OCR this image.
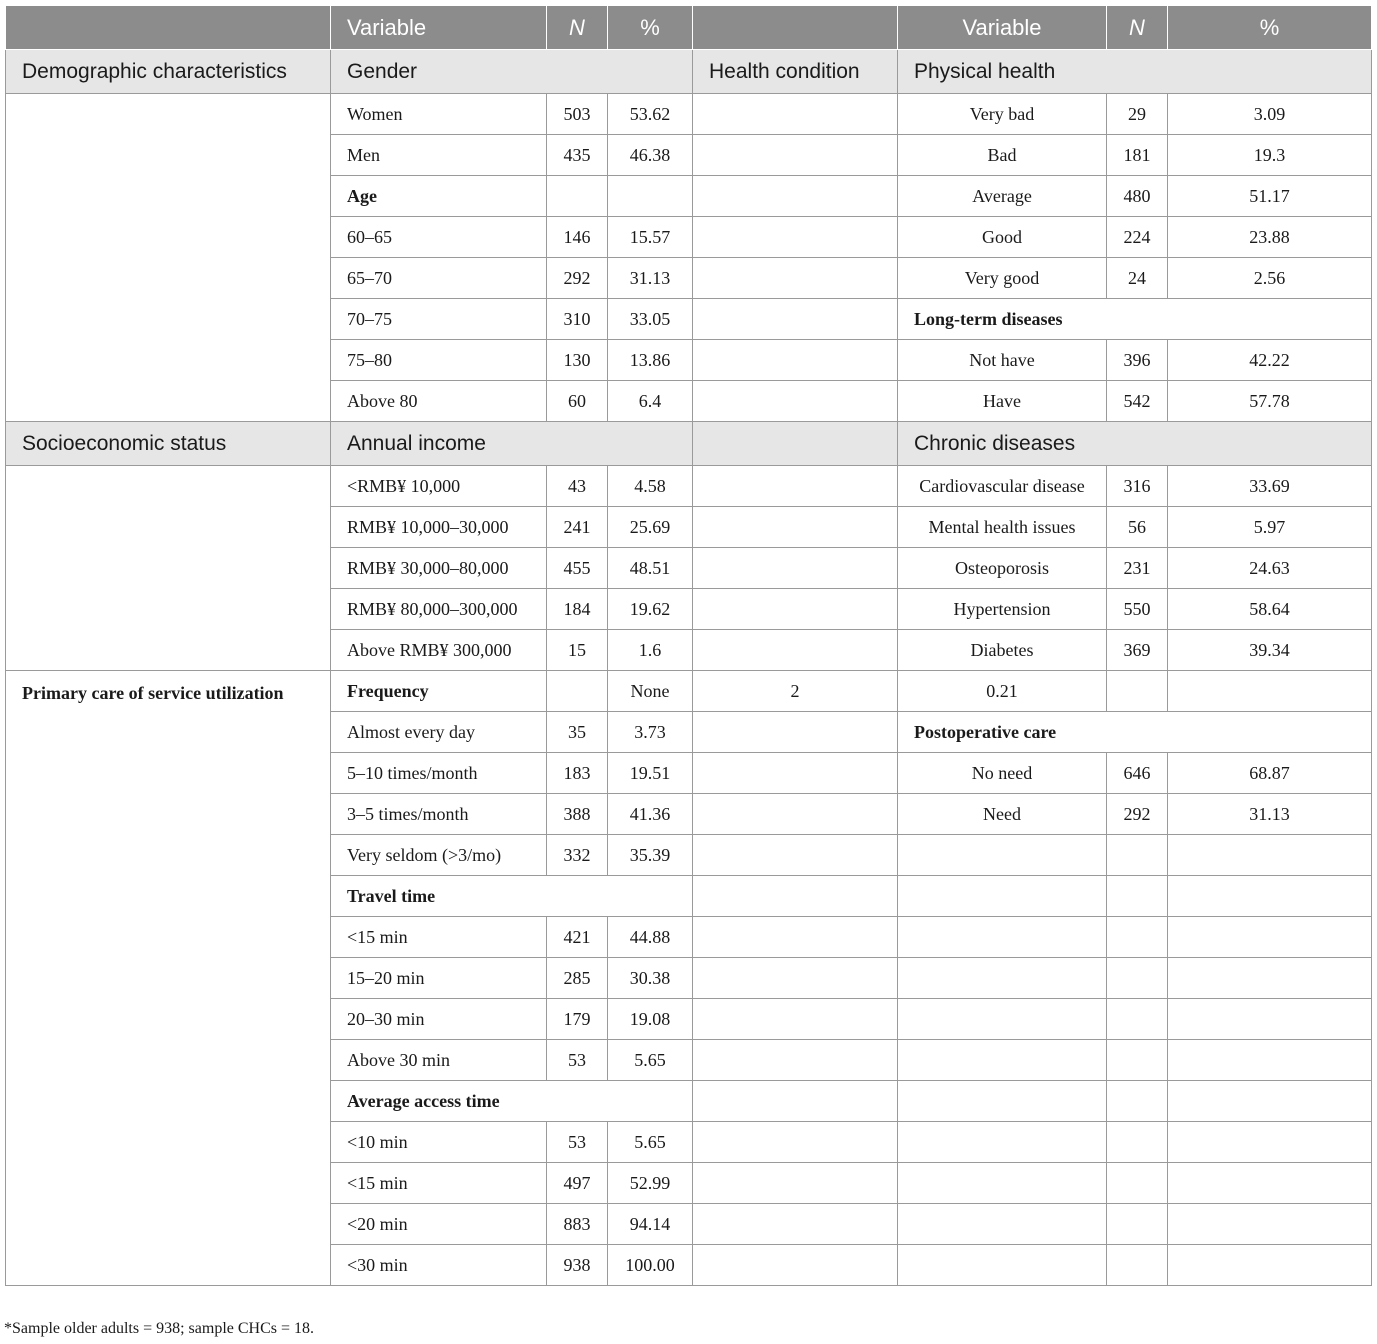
	Variable	N	%		Variable	N	%
Demographic characteristics	Gender			Health condition	Physical health		
	Women	503	53.62		Very bad	29	3.09
	Men	435	46.38		Bad	181	19.3
	Age				Average	480	51.17
	60–65	146	15.57		Good	224	23.88
	65–70	292	31.13		Very good	24	2.56
	70–75	310	33.05		Long-term diseases		
	75–80	130	13.86		Not have	396	42.22
	Above 80	60	6.4		Have	542	57.78
Socioeconomic status	Annual income				Chronic diseases		
	<RMB¥ 10,000	43	4.58		Cardiovascular disease	316	33.69
	RMB¥ 10,000–30,000	241	25.69		Mental health issues	56	5.97
	RMB¥ 30,000–80,000	455	48.51		Osteoporosis	231	24.63
	RMB¥ 80,000–300,000	184	19.62		Hypertension	550	58.64
	Above RMB¥ 300,000	15	1.6		Diabetes	369	39.34
Primary care of service utilization	Frequency		None	2	0.21		
	Almost every day	35	3.73		Postoperative care		
	5–10 times/month	183	19.51		No need	646	68.87
	3–5 times/month	388	41.36		Need	292	31.13
	Very seldom (>3/mo)	332	35.39				
	Travel time						
	<15 min	421	44.88				
	15–20 min	285	30.38				
	20–30 min	179	19.08				
	Above 30 min	53	5.65				
	Average access time						
	<10 min	53	5.65				
	<15 min	497	52.99				
	<20 min	883	94.14				
	<30 min	938	100.00				
*Sample older adults = 938; sample CHCs = 18.
